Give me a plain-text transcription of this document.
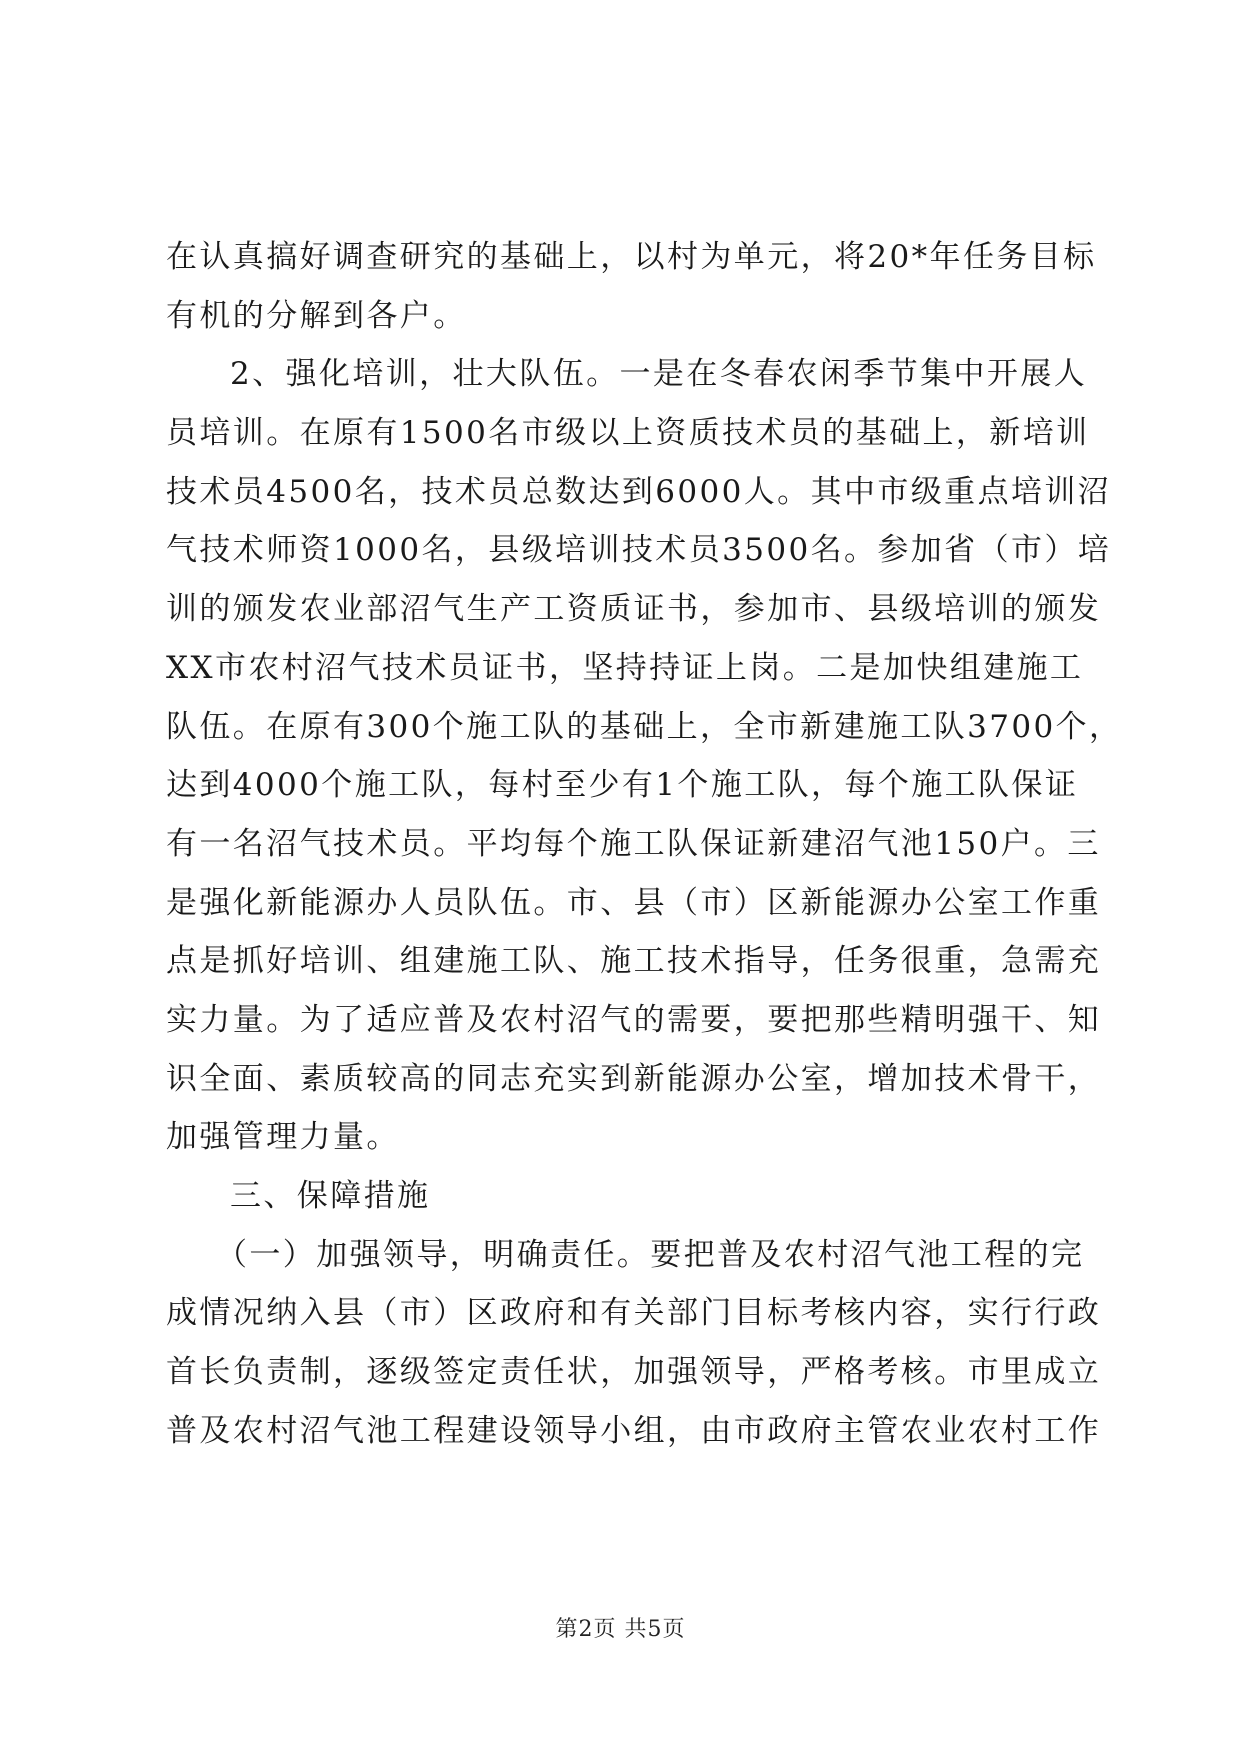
在认真搞好调查研究的基础上，以村为单元，将20*年任务目标
有机的分解到各户。
2、强化培训，壮大队伍。一是在冬春农闲季节集中开展人
员培训。在原有1500名市级以上资质技术员的基础上，新培训
技术员4500名，技术员总数达到6000人。其中市级重点培训沼
气技术师资1000名，县级培训技术员3500名。参加省（市）培
训的颁发农业部沼气生产工资质证书，参加市、县级培训的颁发
XX市农村沼气技术员证书，坚持持证上岗。二是加快组建施工
队伍。在原有300个施工队的基础上，全市新建施工队3700个，
达到4000个施工队，每村至少有1个施工队，每个施工队保证
有一名沼气技术员。平均每个施工队保证新建沼气池150户。三
是强化新能源办人员队伍。市、县（市）区新能源办公室工作重
点是抓好培训、组建施工队、施工技术指导，任务很重，急需充
实力量。为了适应普及农村沼气的需要，要把那些精明强干、知
识全面、素质较高的同志充实到新能源办公室，增加技术骨干，
加强管理力量。
三、保障措施
（一）加强领导，明确责任。要把普及农村沼气池工程的完
成情况纳入县（市）区政府和有关部门目标考核内容，实行行政
首长负责制，逐级签定责任状，加强领导，严格考核。市里成立
普及农村沼气池工程建设领导小组，由市政府主管农业农村工作
第2页 共5页
